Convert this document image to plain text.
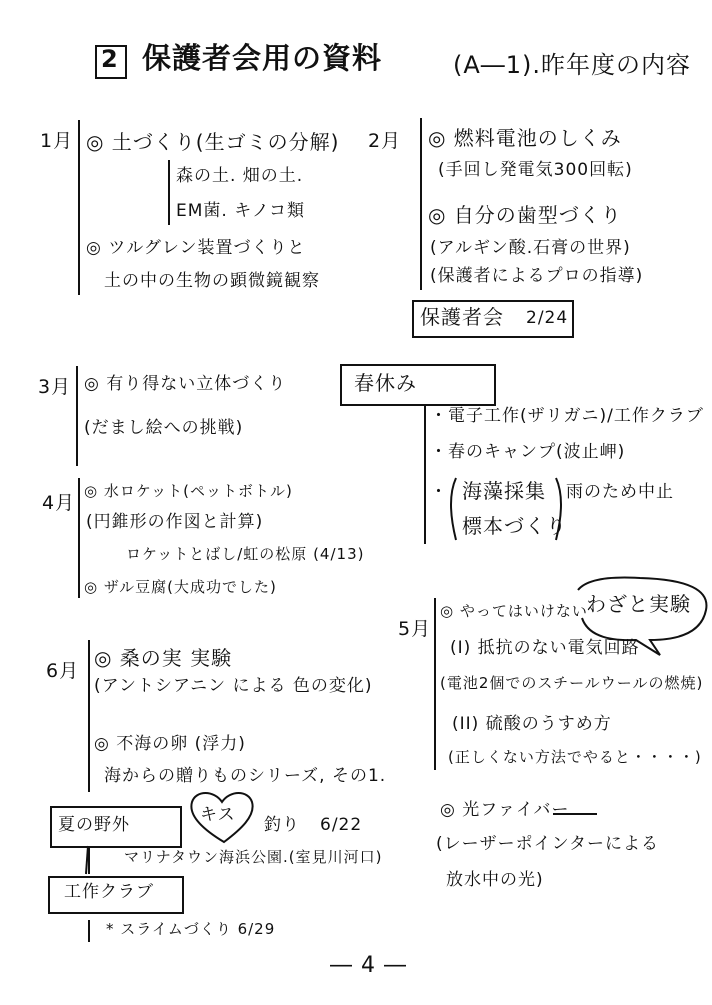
2 保護者会用の資料	(A―1).昨年度の内容
1月 ◎ 土づくり(生ゴミの分解)
森の土. 畑の土.
EM菌. キノコ類
◎ ツルグレン装置づくりと
土の中の生物の顕微鏡観察
2月 ◎ 燃料電池のしくみ
(手回し発電気300回転)
◎ 自分の歯型づくり
(アルギン酸.石膏の世界)
(保護者によるプロの指導)
保護者会 2/24
春休み
・電子工作(ザリガニ)/工作クラブ
・春のキャンプ(波止岬)
・ 海藻採集
標本づくり
雨のため中止
3月 ◎ 有り得ない立体づくり
(だまし絵への挑戦)
4月
◎ 水ロケット(ペットボトル)
(円錐形の作図と計算)
ロケットとばし/虹の松原 (4/13)
◎ ザル豆腐(大成功でした)
5月
◎ やってはいけない
わざと実験
(I) 抵抗のない電気回路
(電池2個でのスチールウールの燃焼)
(II) 硫酸のうすめ方
(正しくない方法でやると・・・・)
◎ 光ファイバー
(レーザーポインターによる
放水中の光)
6月
◎ 桑の実 実験
(アントシアニン による 色の変化)
◎ 不海の卵 (浮力)
海からの贈りものシリーズ, その1.
夏の野外	キス 釣り 6/22
マリナタウン海浜公園.(室見川河口)
工作クラブ
* スライムづくり 6/29
― 4 ―
